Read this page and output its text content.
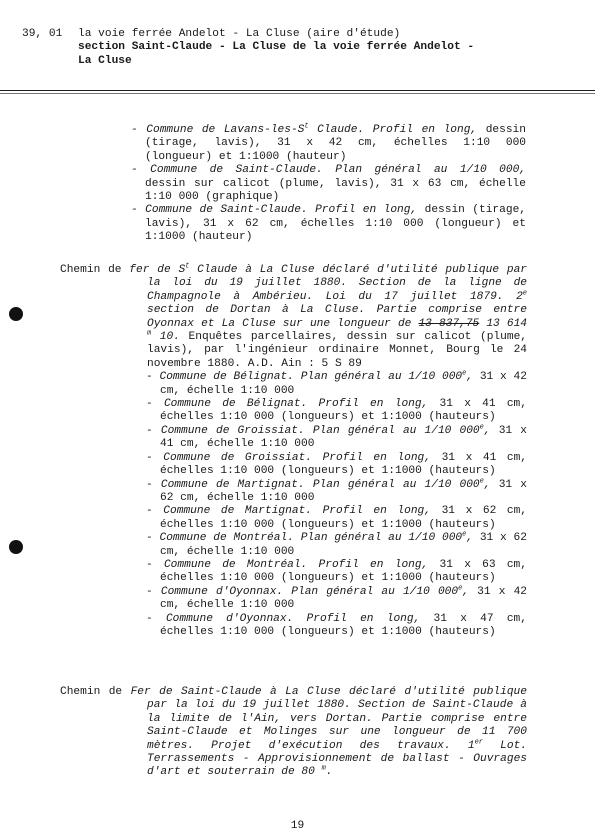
39, 01	la voie ferrée Andelot - La Cluse (aire d'étude)
section Saint-Claude - La Cluse de la voie ferrée Andelot -
La Cluse
- Commune de Lavans-$les-S^t$ Claude. Profil en long, dessin (tirage, lavis), 31 x 42 cm, échelles 1:10 000 (longueur) et 1:1000 (hauteur)
- Commune de Saint-Claude. Plan général au 1/10 000, dessin sur calicot (plume, lavis), 31 x 63 cm, échelle 1:10 000 (graphique)
- Commune de Saint-Claude. Profil en long, dessin (tirage, lavis), 31 x 62 cm, échelles 1:10 000 (longueur) et 1:1000 (hauteur)
Chemin de fer de $S^t$ Claude à La Cluse déclaré d'utilité publique par la loi du 19 juillet 1880. Section de la ligne de Champagnole à Ambérieu. Loi du 17 juillet 1879. 2e section de Dortan à La Cluse. Partie comprise entre Oyonnax et La Cluse sur une longueur de 13 837,75 13 614 $^m$ 10. Enquêtes parcellaires, dessin sur calicot (plume, lavis), par l'ingénieur ordinaire Monnet, Bourg le 24 novembre 1880. A.D. Ain : 5 S 89
- Commune de Bélignat. Plan général au 1/10 000e, 31 x 42 cm, échelle 1:10 000
- Commune de Bélignat. Profil en long, 31 x 41 cm, échelles 1:10 000 (longueurs) et 1:1000 (hauteurs)
- Commune de Groissiat. Plan général au 1/10 000e, 31 x 41 cm, échelle 1:10 000
- Commune de Groissiat. Profil en long, 31 x 41 cm, échelles 1:10 000 (longueurs) et 1:1000 (hauteurs)
- Commune de Martignat. Plan général au 1/10 000e, 31 x 62 cm, échelle 1:10 000
- Commune de Martignat. Profil en long, 31 x 62 cm, échelles 1:10 000 (longueurs) et 1:1000 (hauteurs)
- Commune de Montréal. Plan général au 1/10 000e, 31 x 62 cm, échelle 1:10 000
- Commune de Montréal. Profil en long, 31 x 63 cm, échelles 1:10 000 (longueurs) et 1:1000 (hauteurs)
- Commune d'Oyonnax. Plan général au 1/10 000e, 31 x 42 cm, échelle 1:10 000
- Commune d'Oyonnax. Profil en long, 31 x 47 cm, échelles 1:10 000 (longueurs) et 1:1000 (hauteurs)
Chemin de Fer de Saint-Claude à La Cluse déclaré d'utilité publique par la loi du 19 juillet 1880. Section de Saint-Claude à la limite de l'Ain, vers Dortan. Partie comprise entre Saint-Claude et Molinges sur une longueur de 11 700 mètres. Projet d'exécution des travaux. 1er Lot. Terrassements - Approvisionnement de ballast - Ouvrages d'art et souterrain de 80 $^m$.
19
